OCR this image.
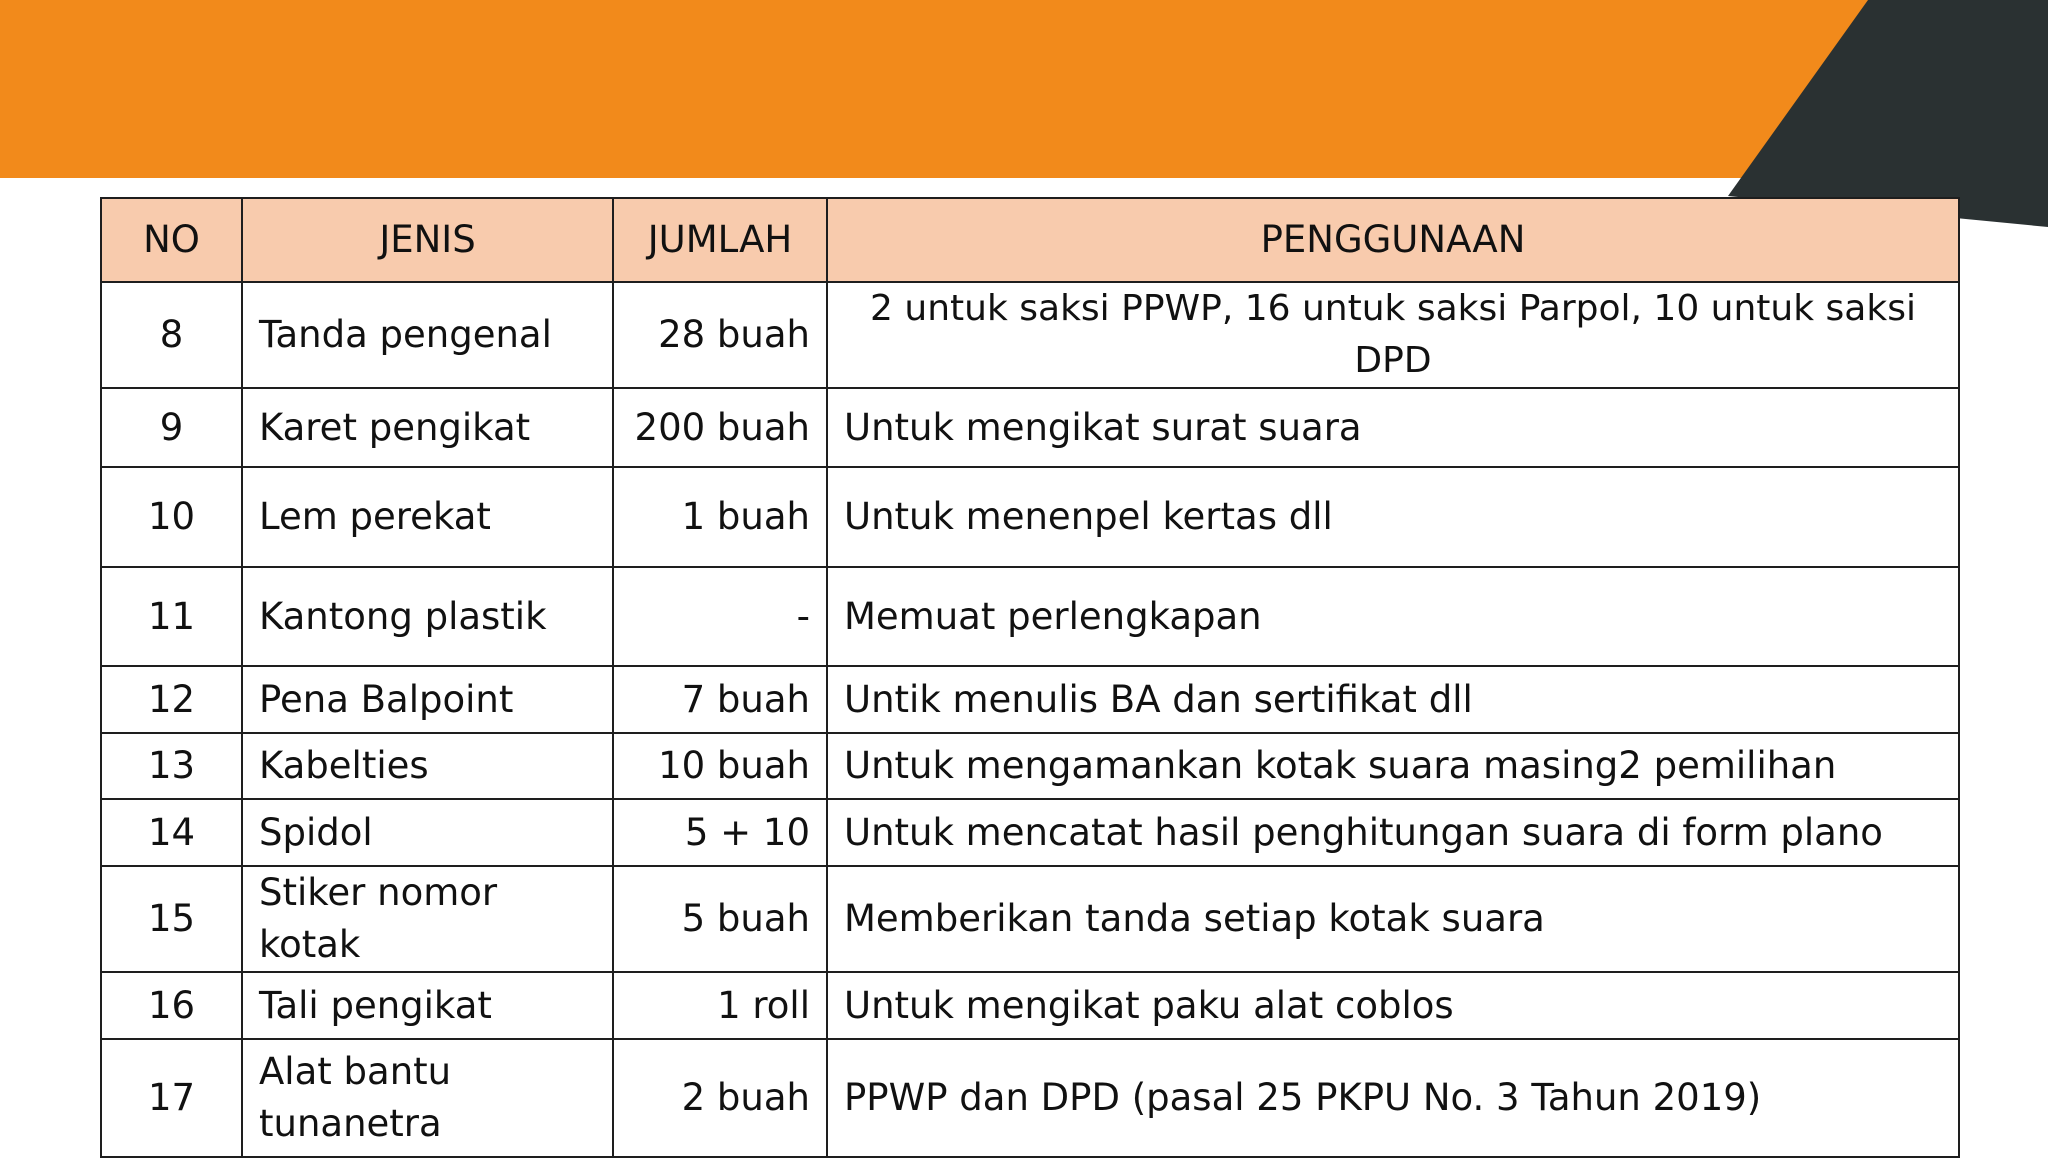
NO	JENIS	JUMLAH	PENGGUNAAN
8	Tanda pengenal	28 buah	2 untuk saksi PPWP, 16 untuk saksi Parpol, 10 untuk saksi DPD
9	Karet pengikat	200 buah	Untuk mengikat surat suara
10	Lem perekat	1 buah	Untuk menenpel kertas dll
11	Kantong plastik	-	Memuat perlengkapan
12	Pena Balpoint	7 buah	Untik menulis BA dan sertifikat dll
13	Kabelties	10 buah	Untuk mengamankan kotak suara masing2 pemilihan
14	Spidol	5 + 10	Untuk mencatat hasil penghitungan suara di form plano
15	Stiker nomor kotak	5 buah	Memberikan tanda setiap kotak suara
16	Tali pengikat	1 roll	Untuk mengikat paku alat coblos
17	Alat bantu tunanetra	2 buah	PPWP dan DPD (pasal 25 PKPU No. 3 Tahun 2019)
